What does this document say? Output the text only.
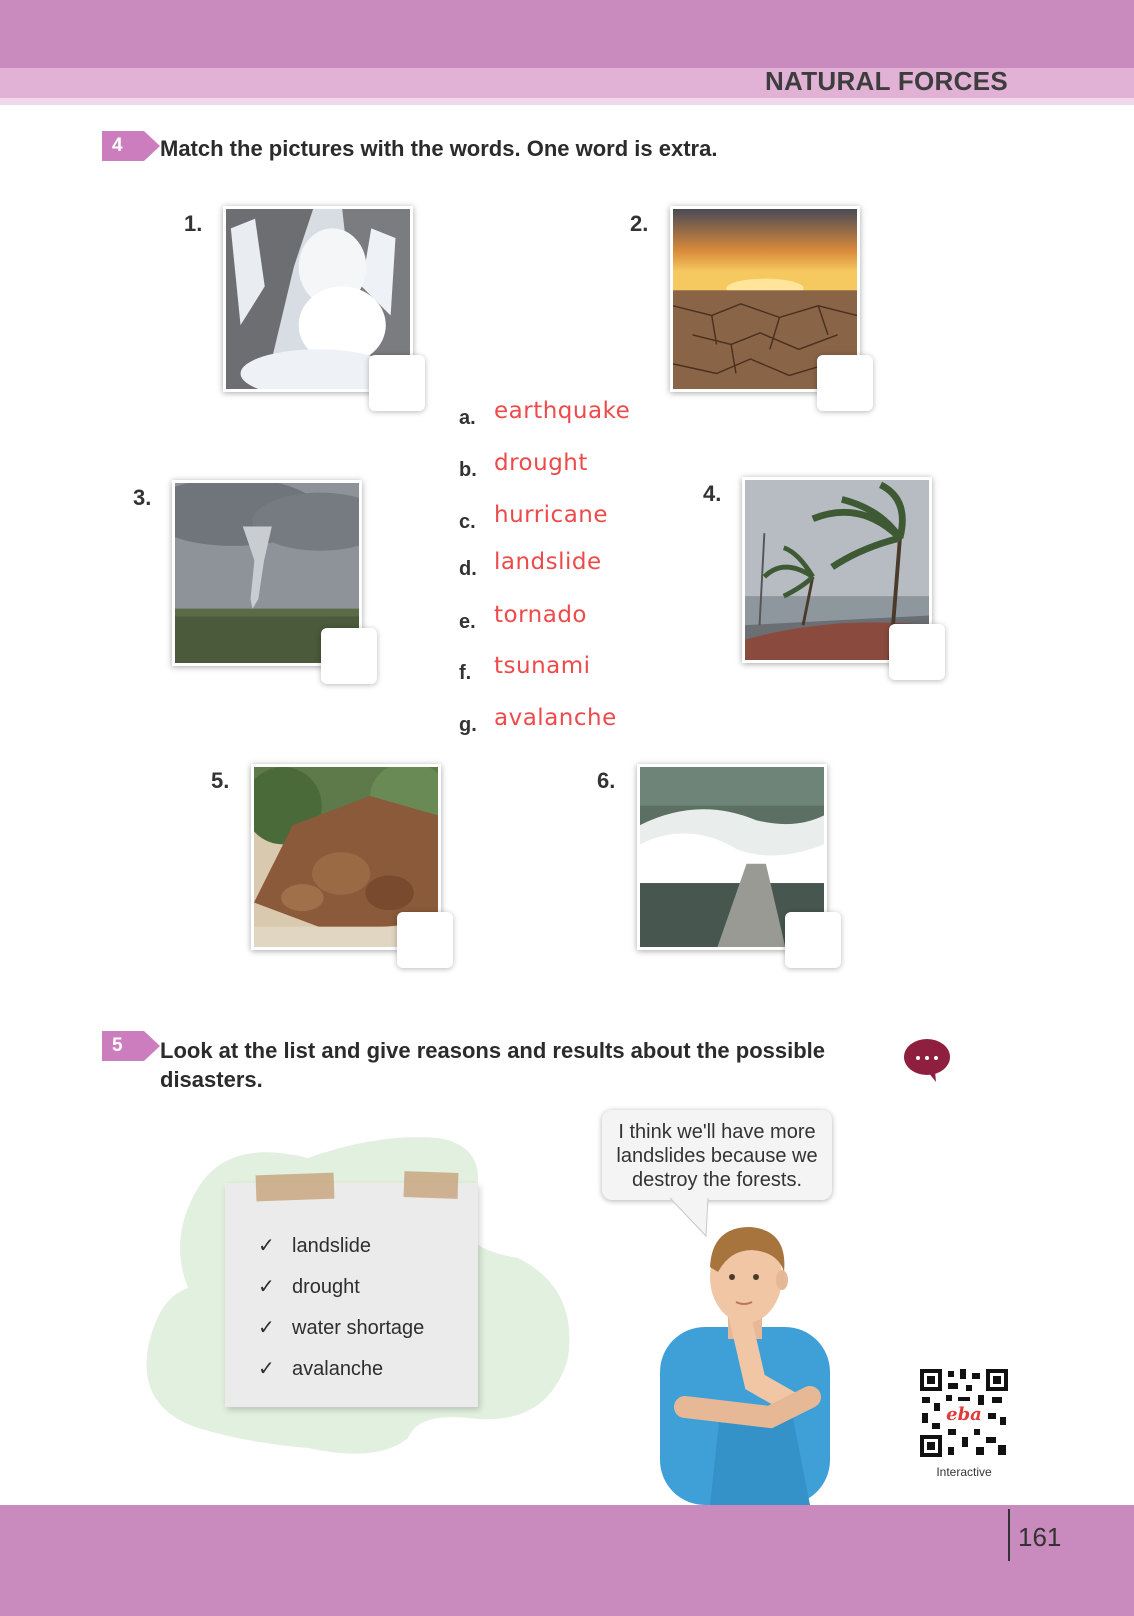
NATURAL FORCES
4	Match the pictures with the words. One word is extra.
1.	2.
3.	4.
5.	6.
a. earthquake
b. drought
c. hurricane
d. landslide
e. tornado
f. tsunami
g. avalanche
5	Look at the list and give reasons and results about the possible disasters.
✓ landslide
✓ drought
✓ water shortage
✓ avalanche
I think we'll have more landslides because we destroy the forests.
eba
Interactive
161
